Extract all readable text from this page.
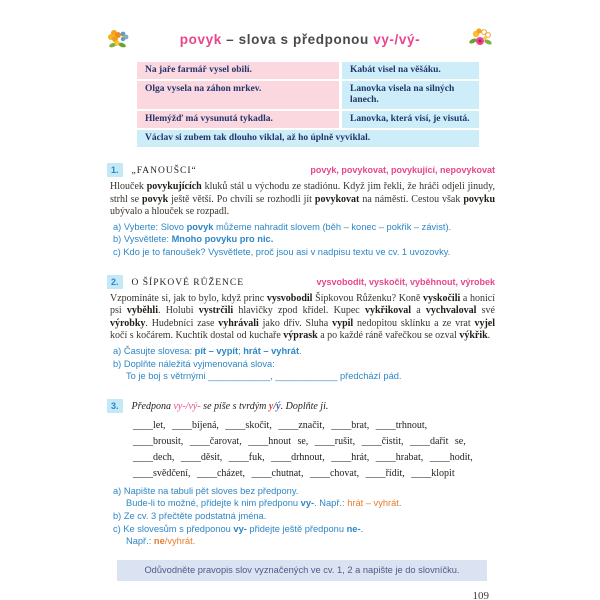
povyk – slova s předponou vy-/vý-
Na jaře farmář vysel obilí.	Kabát visel na věšáku.
Olga vysela na záhon mrkev.	Lanovka visela na silných lanech.
Hlemýžď má vysunutá tykadla.	Lanovka, která visí, je visutá.
Václav si zubem tak dlouho viklal, až ho úplně vyviklal.
1.	„FANOUŠCI“	povyk, povykovat, povykující, nepovykovat

Hlouček povykujících kluků stál u východu ze stadiónu. Když jim řekli, že hráči odjeli jinudy, strhl se povyk ještě větší. Po chvíli se rozhodli jít povykovat na náměstí. Cestou však povyku ubývalo a hlouček se rozpadl.

a) Vyberte: Slovo povyk můžeme nahradit slovem (běh – konec – pokřik – závist).
b) Vysvětlete: Mnoho povyku pro nic.
c) Kdo je to fanoušek? Vysvětlete, proč jsou asi v nadpisu textu ve cv. 1 uvozovky.
2.	O ŠÍPKOVÉ RŮŽENCE	vysvobodit, vyskočit, vyběhnout, výrobek

Vzpomínáte si, jak to bylo, když princ vysvobodil Šípkovou Růženku? Koně vyskočili a honicí psi vyběhli. Holubi vystrčili hlavičky zpod křídel. Kupec vykřikoval a vychvaloval své výrobky. Hudebníci zase vyhrávali jako dřív. Sluha vypil nedopitou sklínku a ze vrat vyjel kočí s kočárem. Kuchtík dostal od kuchaře výprask a po každé ráně vařečkou se ozval výkřik.

a) Časujte slovesa: pít – vypít; hrát – vyhrát.
b) Doplňte náležitá vyjmenovaná slova:
To je boj s větrnými ____________, ____________ předchází pád.
3.	Předpona vy-/vý- se píše s tvrdým y/ý. Doplňte ji.
____let, ____bíjená, ____skočit, ____značit, ____brat, ____trhnout,
____brousit, ____čarovat, ____hnout se, ____rušit, ____čistit, ____dařit se,
____dech, ____děsit, ____fuk, ____drhnout, ____hrát, ____hrabat, ____hodit,
____svědčení, ____cházet, ____chutnat, ____chovat, ____řídit, ____klopit
a) Napište na tabuli pět sloves bez předpony.
Bude-li to možné, přidejte k nim předponu vy-. Např.: hrát – vyhrát.
b) Ze cv. 3 přečtěte podstatná jména.
c) Ke slovesům s předponou vy- přidejte ještě předponu ne-.
Např.: ne/vyhrát.
Odůvodněte pravopis slov vyznačených ve cv. 1, 2 a napište je do slovníčku.
109
